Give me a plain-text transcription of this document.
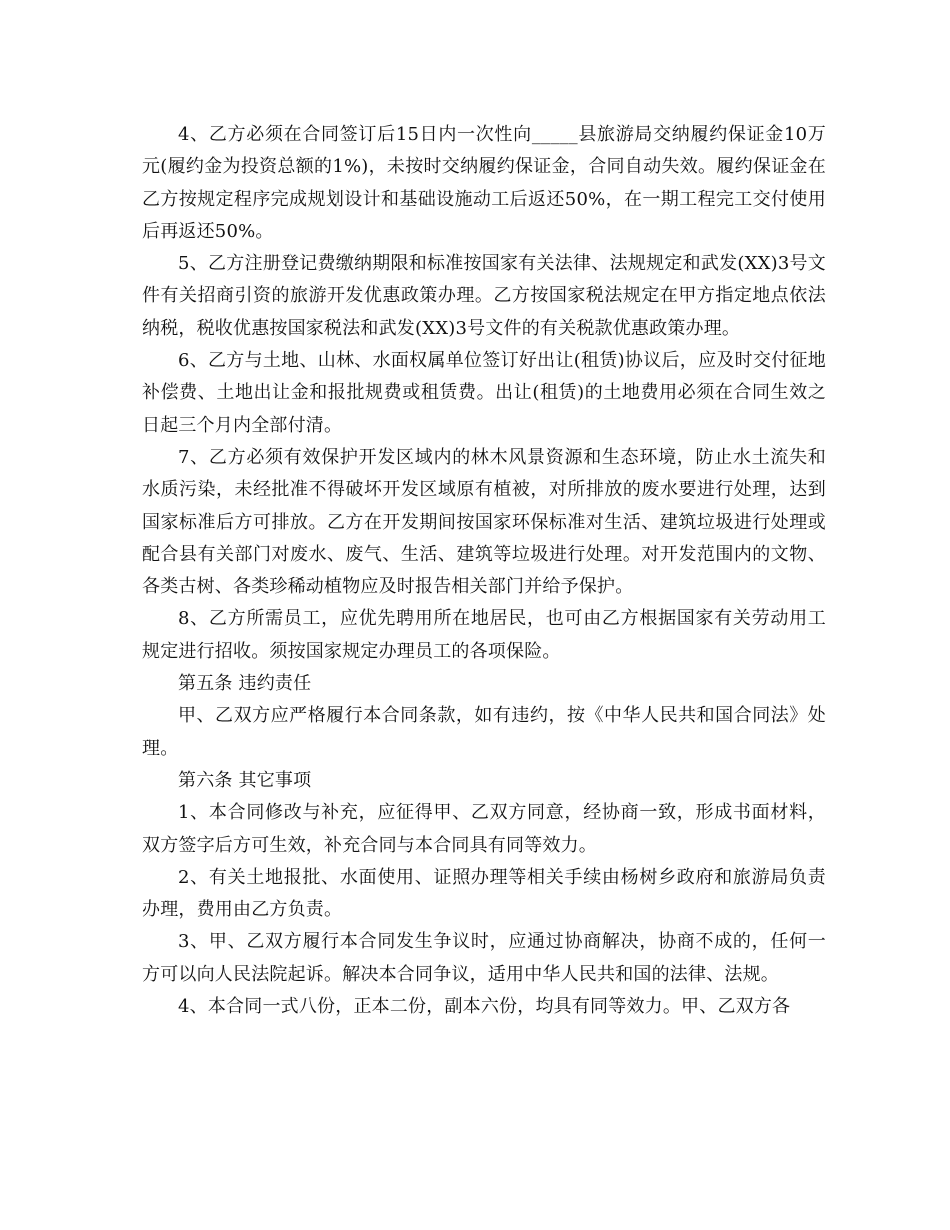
4、乙方必须在合同签订后15日内一次性向_____县旅游局交纳履约保证金10万元(履约金为投资总额的1%)，未按时交纳履约保证金，合同自动失效。履约保证金在乙方按规定程序完成规划设计和基础设施动工后返还50%，在一期工程完工交付使用后再返还50%。

5、乙方注册登记费缴纳期限和标准按国家有关法律、法规规定和武发(XX)3号文件有关招商引资的旅游开发优惠政策办理。乙方按国家税法规定在甲方指定地点依法纳税，税收优惠按国家税法和武发(XX)3号文件的有关税款优惠政策办理。

6、乙方与土地、山林、水面权属单位签订好出让(租赁)协议后，应及时交付征地补偿费、土地出让金和报批规费或租赁费。出让(租赁)的土地费用必须在合同生效之日起三个月内全部付清。

7、乙方必须有效保护开发区域内的林木风景资源和生态环境，防止水土流失和水质污染，未经批准不得破坏开发区域原有植被，对所排放的废水要进行处理，达到国家标准后方可排放。乙方在开发期间按国家环保标准对生活、建筑垃圾进行处理或配合县有关部门对废水、废气、生活、建筑等垃圾进行处理。对开发范围内的文物、各类古树、各类珍稀动植物应及时报告相关部门并给予保护。

8、乙方所需员工，应优先聘用所在地居民，也可由乙方根据国家有关劳动用工规定进行招收。须按国家规定办理员工的各项保险。

第五条 违约责任

甲、乙双方应严格履行本合同条款，如有违约，按《中华人民共和国合同法》处理。

第六条 其它事项

1、本合同修改与补充，应征得甲、乙双方同意，经协商一致，形成书面材料，双方签字后方可生效，补充合同与本合同具有同等效力。

2、有关土地报批、水面使用、证照办理等相关手续由杨树乡政府和旅游局负责办理，费用由乙方负责。

3、甲、乙双方履行本合同发生争议时，应通过协商解决，协商不成的，任何一方可以向人民法院起诉。解决本合同争议，适用中华人民共和国的法律、法规。

4、本合同一式八份，正本二份，副本六份，均具有同等效力。甲、乙双方各
